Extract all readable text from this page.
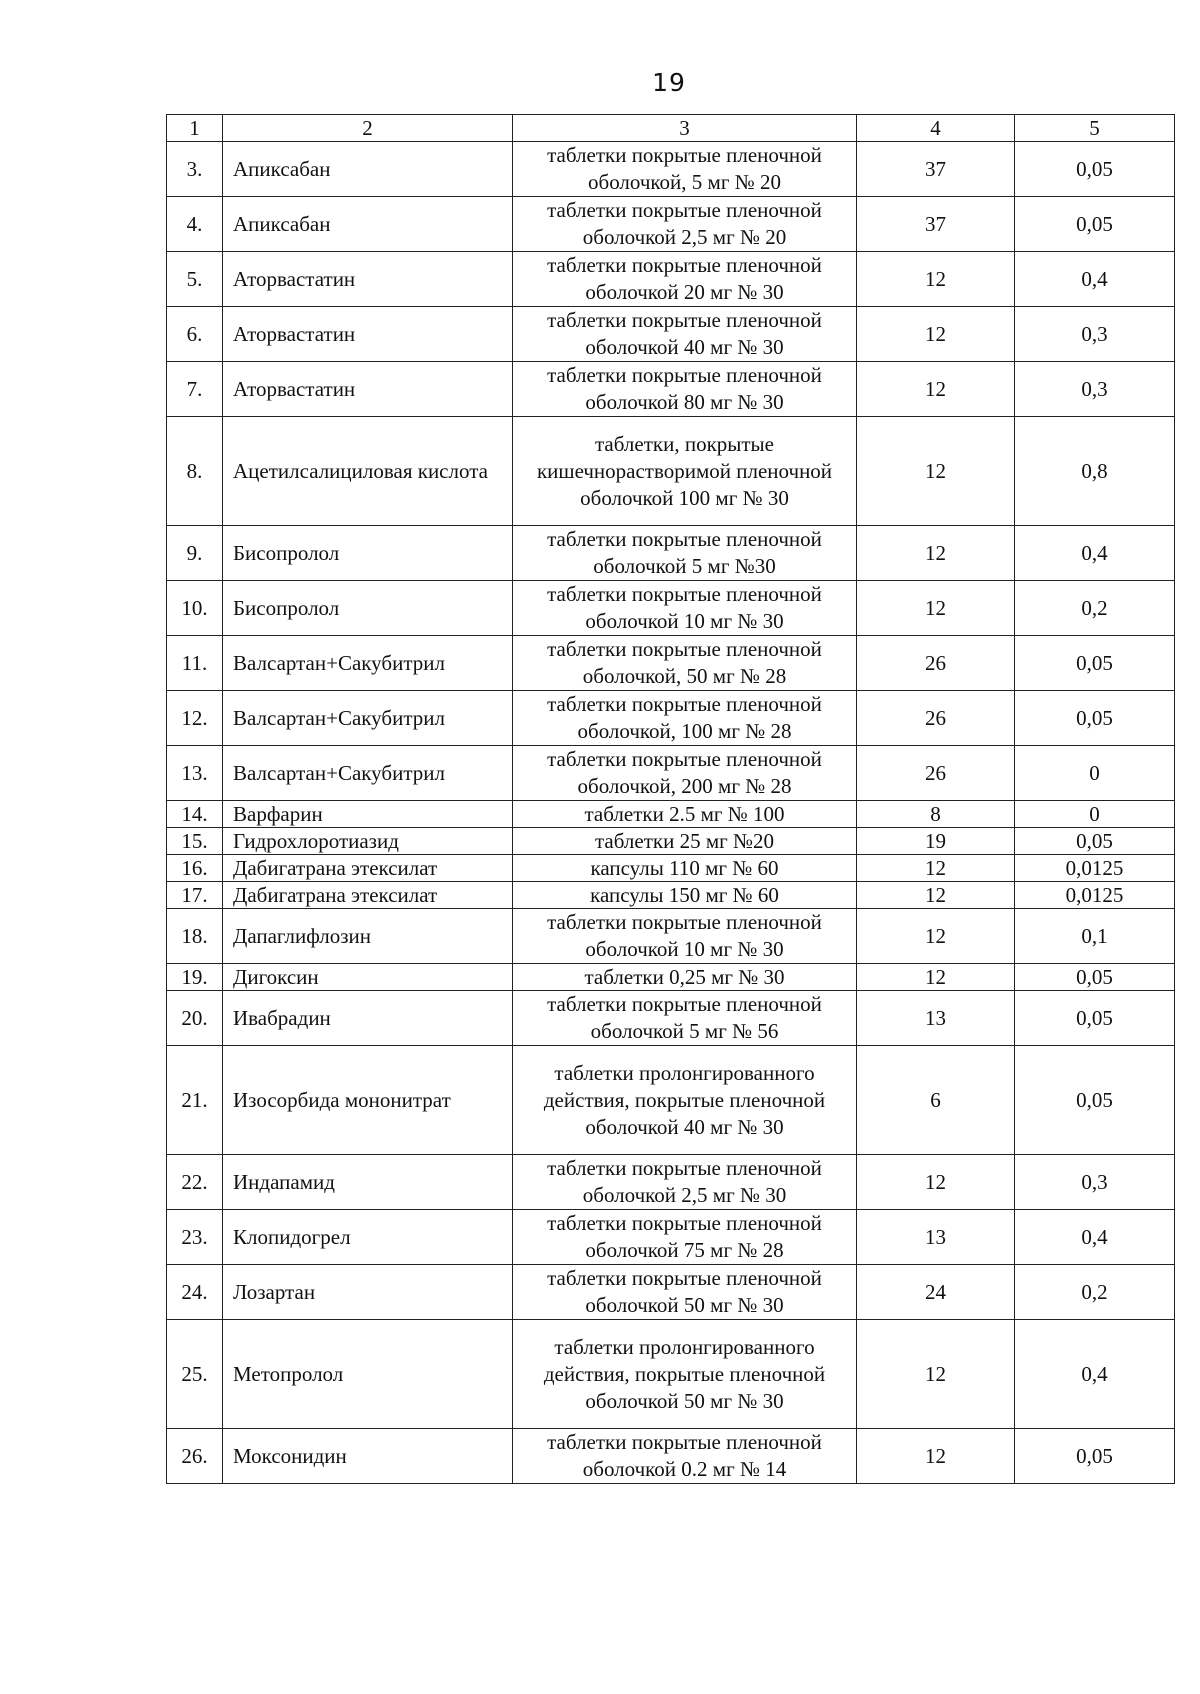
19
1	2	3	4	5
3.	Апиксабан	таблетки покрытые пленочной оболочкой, 5 мг № 20	37	0,05
4.	Апиксабан	таблетки покрытые пленочной оболочкой 2,5 мг № 20	37	0,05
5.	Аторвастатин	таблетки покрытые пленочной оболочкой 20 мг № 30	12	0,4
6.	Аторвастатин	таблетки покрытые пленочной оболочкой 40 мг № 30	12	0,3
7.	Аторвастатин	таблетки покрытые пленочной оболочкой 80 мг № 30	12	0,3
8.	Ацетилсалициловая кислота	таблетки, покрытые кишечнорастворимой пленочной оболочкой 100 мг № 30	12	0,8
9.	Бисопролол	таблетки покрытые пленочной оболочкой 5 мг №30	12	0,4
10.	Бисопролол	таблетки покрытые пленочной оболочкой 10 мг № 30	12	0,2
11.	Валсартан+Сакубитрил	таблетки покрытые пленочной оболочкой, 50 мг № 28	26	0,05
12.	Валсартан+Сакубитрил	таблетки покрытые пленочной оболочкой, 100 мг № 28	26	0,05
13.	Валсартан+Сакубитрил	таблетки покрытые пленочной оболочкой, 200 мг № 28	26	0
14.	Варфарин	таблетки 2.5 мг № 100	8	0
15.	Гидрохлоротиазид	таблетки 25 мг №20	19	0,05
16.	Дабигатрана этексилат	капсулы 110 мг № 60	12	0,0125
17.	Дабигатрана этексилат	капсулы 150 мг № 60	12	0,0125
18.	Дапаглифлозин	таблетки покрытые пленочной оболочкой 10 мг № 30	12	0,1
19.	Дигоксин	таблетки 0,25 мг № 30	12	0,05
20.	Ивабрадин	таблетки покрытые пленочной оболочкой 5 мг № 56	13	0,05
21.	Изосорбида мононитрат	таблетки пролонгированного действия, покрытые пленочной оболочкой 40 мг № 30	6	0,05
22.	Индапамид	таблетки покрытые пленочной оболочкой 2,5 мг № 30	12	0,3
23.	Клопидогрел	таблетки покрытые пленочной оболочкой 75 мг № 28	13	0,4
24.	Лозартан	таблетки покрытые пленочной оболочкой 50 мг № 30	24	0,2
25.	Метопролол	таблетки пролонгированного действия, покрытые пленочной оболочкой 50 мг № 30	12	0,4
26.	Моксонидин	таблетки покрытые пленочной оболочкой 0.2 мг № 14	12	0,05
